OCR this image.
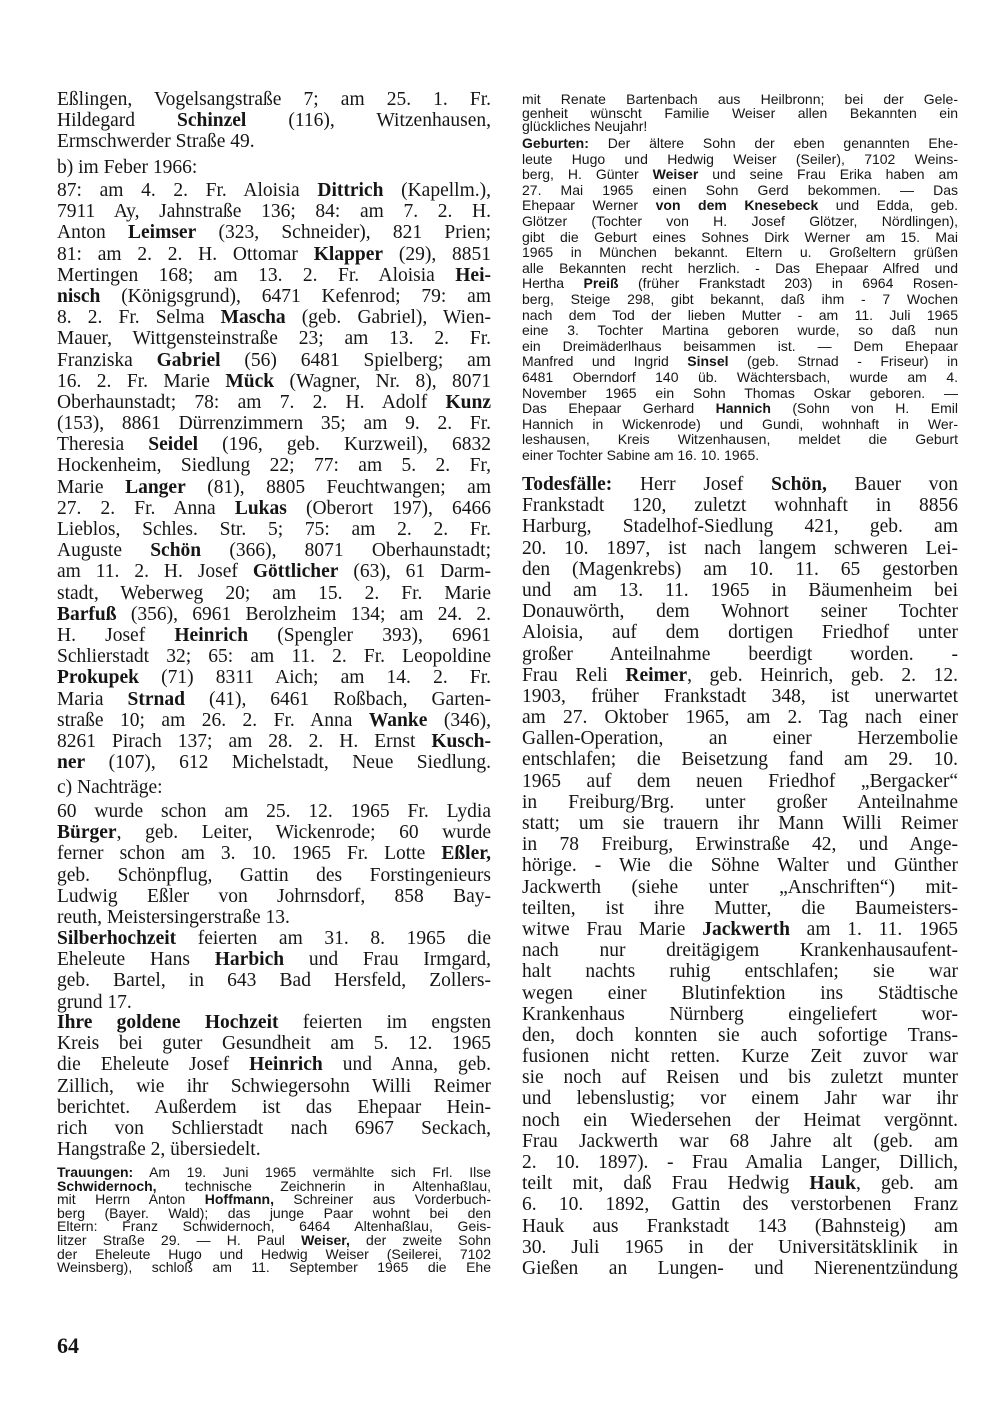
Eßlingen, Vogelsangstraße 7; am 25. 1. Fr.
Hildegard Schinzel (116), Witzenhausen,
Ermschwerder Straße 49.
b) im Feber 1966:
87: am 4. 2. Fr. Aloisia Dittrich (Kapellm.),
7911 Ay, Jahnstraße 136; 84: am 7. 2. H.
Anton Leimser (323, Schneider), 821 Prien;
81: am 2. 2. H. Ottomar Klapper (29), 8851
Mertingen 168; am 13. 2. Fr. Aloisia Hei-
nisch (Königsgrund), 6471 Kefenrod; 79: am
8. 2. Fr. Selma Mascha (geb. Gabriel), Wien-
Mauer, Wittgensteinstraße 23; am 13. 2. Fr.
Franziska Gabriel (56) 6481 Spielberg; am
16. 2. Fr. Marie Mück (Wagner, Nr. 8), 8071
Oberhaunstadt; 78: am 7. 2. H. Adolf Kunz
(153), 8861 Dürrenzimmern 35; am 9. 2. Fr.
Theresia Seidel (196, geb. Kurzweil), 6832
Hockenheim, Siedlung 22; 77: am 5. 2. Fr,
Marie Langer (81), 8805 Feuchtwangen; am
27. 2. Fr. Anna Lukas (Oberort 197), 6466
Lieblos, Schles. Str. 5; 75: am 2. 2. Fr.
Auguste Schön (366), 8071 Oberhaunstadt;
am 11. 2. H. Josef Göttlicher (63), 61 Darm-
stadt, Weberweg 20; am 15. 2. Fr. Marie
Barfuß (356), 6961 Berolzheim 134; am 24. 2.
H. Josef Heinrich (Spengler 393), 6961
Schlierstadt 32; 65: am 11. 2. Fr. Leopoldine
Prokupek (71) 8311 Aich; am 14. 2. Fr.
Maria Strnad (41), 6461 Roßbach, Garten-
straße 10; am 26. 2. Fr. Anna Wanke (346),
8261 Pirach 137; am 28. 2. H. Ernst Kusch-
ner (107), 612 Michelstadt, Neue Siedlung.
c) Nachträge:
60 wurde schon am 25. 12. 1965 Fr. Lydia
Bürger, geb. Leiter, Wickenrode; 60 wurde
ferner schon am 3. 10. 1965 Fr. Lotte Eßler,
geb. Schönpflug, Gattin des Forstingenieurs
Ludwig Eßler von Johrnsdorf, 858 Bay-
reuth, Meistersingerstraße 13.
Silberhochzeit feierten am 31. 8. 1965 die
Eheleute Hans Harbich und Frau Irmgard,
geb. Bartel, in 643 Bad Hersfeld, Zollers-
grund 17.
Ihre goldene Hochzeit feierten im engsten
Kreis bei guter Gesundheit am 5. 12. 1965
die Eheleute Josef Heinrich und Anna, geb.
Zillich, wie ihr Schwiegersohn Willi Reimer
berichtet. Außerdem ist das Ehepaar Hein-
rich von Schlierstadt nach 6967 Seckach,
Hangstraße 2, übersiedelt.
Trauungen: Am 19. Juni 1965 vermählte sich Frl. Ilse
Schwidernoch, technische Zeichnerin in Altenhaßlau,
mit Herrn Anton Hoffmann, Schreiner aus Vorderbuch-
berg (Bayer. Wald); das junge Paar wohnt bei den
Eltern: Franz Schwidernoch, 6464 Altenhaßlau, Geis-
litzer Straße 29. — H. Paul Weiser, der zweite Sohn
der Eheleute Hugo und Hedwig Weiser (Seilerei, 7102
Weinsberg), schloß am 11. September 1965 die Ehe
mit Renate Bartenbach aus Heilbronn; bei der Gele-
genheit wünscht Familie Weiser allen Bekannten ein
glückliches Neujahr!
Geburten: Der ältere Sohn der eben genannten Ehe-
leute Hugo und Hedwig Weiser (Seiler), 7102 Weins-
berg, H. Günter Weiser und seine Frau Erika haben am
27. Mai 1965 einen Sohn Gerd bekommen. — Das
Ehepaar Werner von dem Knesebeck und Edda, geb.
Glötzer (Tochter von H. Josef Glötzer, Nördlingen),
gibt die Geburt eines Sohnes Dirk Werner am 15. Mai
1965 in München bekannt. Eltern u. Großeltern grüßen
alle Bekannten recht herzlich. - Das Ehepaar Alfred und
Hertha Preiß (früher Frankstadt 203) in 6964 Rosen-
berg, Steige 298, gibt bekannt, daß ihm - 7 Wochen
nach dem Tod der lieben Mutter - am 11. Juli 1965
eine 3. Tochter Martina geboren wurde, so daß nun
ein Dreimäderlhaus beisammen ist. — Dem Ehepaar
Manfred und Ingrid Sinsel (geb. Strnad - Friseur) in
6481 Oberndorf 140 üb. Wächtersbach, wurde am 4.
November 1965 ein Sohn Thomas Oskar geboren. —
Das Ehepaar Gerhard Hannich (Sohn von H. Emil
Hannich in Wickenrode) und Gundi, wohnhaft in Wer-
leshausen, Kreis Witzenhausen, meldet die Geburt
einer Tochter Sabine am 16. 10. 1965.
Todesfälle: Herr Josef Schön, Bauer von
Frankstadt 120, zuletzt wohnhaft in 8856
Harburg, Stadelhof-Siedlung 421, geb. am
20. 10. 1897, ist nach langem schweren Lei-
den (Magenkrebs) am 10. 11. 65 gestorben
und am 13. 11. 1965 in Bäumenheim bei
Donauwörth, dem Wohnort seiner Tochter
Aloisia, auf dem dortigen Friedhof unter
großer Anteilnahme beerdigt worden. -
Frau Reli Reimer, geb. Heinrich, geb. 2. 12.
1903, früher Frankstadt 348, ist unerwartet
am 27. Oktober 1965, am 2. Tag nach einer
Gallen-Operation, an einer Herzembolie
entschlafen; die Beisetzung fand am 29. 10.
1965 auf dem neuen Friedhof „Bergacker“
in Freiburg/Brg. unter großer Anteilnahme
statt; um sie trauern ihr Mann Willi Reimer
in 78 Freiburg, Erwinstraße 42, und Ange-
hörige. - Wie die Söhne Walter und Günther
Jackwerth (siehe unter „Anschriften“) mit-
teilten, ist ihre Mutter, die Baumeisters-
witwe Frau Marie Jackwerth am 1. 11. 1965
nach nur dreitägigem Krankenhausaufent-
halt nachts ruhig entschlafen; sie war
wegen einer Blutinfektion ins Städtische
Krankenhaus Nürnberg eingeliefert wor-
den, doch konnten sie auch sofortige Trans-
fusionen nicht retten. Kurze Zeit zuvor war
sie noch auf Reisen und bis zuletzt munter
und lebenslustig; vor einem Jahr war ihr
noch ein Wiedersehen der Heimat vergönnt.
Frau Jackwerth war 68 Jahre alt (geb. am
2. 10. 1897). - Frau Amalia Langer, Dillich,
teilt mit, daß Frau Hedwig Hauk, geb. am
6. 10. 1892, Gattin des verstorbenen Franz
Hauk aus Frankstadt 143 (Bahnsteig) am
30. Juli 1965 in der Universitätsklinik in
Gießen an Lungen- und Nierenentzündung
64
